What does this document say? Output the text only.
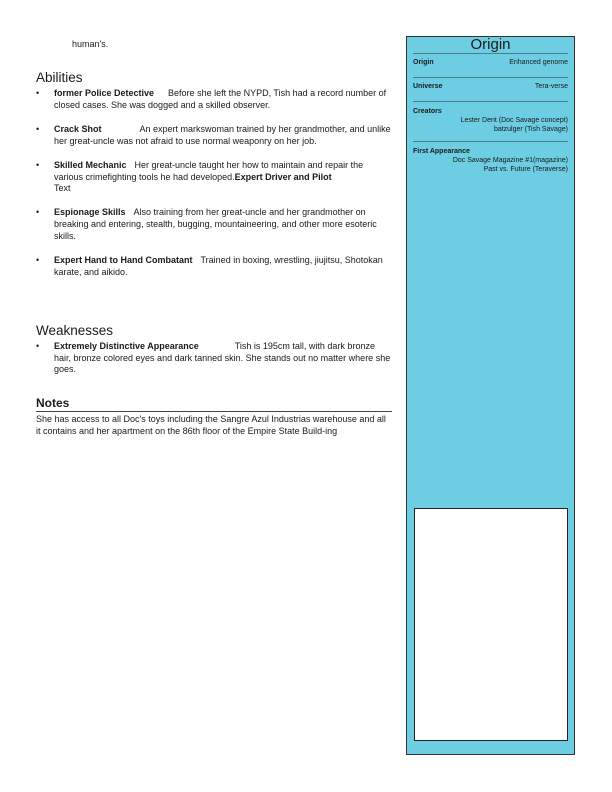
human's.
Abilities
• former Police Detective Before she left the NYPD, Tish had a record number of closed cases. She was dogged and a skilled observer.
• Crack Shot	An expert markswoman trained by her grandmother, and unlike her great-uncle was not afraid to use normal weaponry on her job.
• Skilled Mechanic Her great-uncle taught her how to maintain and repair the various crimefighting tools he had developed.Expert Driver and Pilot
Text
• Espionage Skills Also training from her great-uncle and her grandmother on breaking and entering, stealth, bugging, mountaineering, and other more esoteric skills.
• Expert Hand to Hand Combatant Trained in boxing, wrestling, jiujitsu, Shotokan karate, and aikido.
Weaknesses
• Extremely Distinctive Appearance	Tish is 195cm tall, with dark bronze hair, bronze colored eyes and dark tanned skin. She stands out no matter where she goes.
Notes
She has access to all Doc's toys including the Sangre Azul Industrias warehouse and all it contains and her apartment on the 86th floor of the Empire State Build-ing
Origin
Origin	Enhanced genome
Universe	Tera-verse
Creators
Lester Dent (Doc Savage concept)
batzulger (Tish Savage)
First Appearance
Doc Savage Magazine #1(magazine)
Past vs. Future (Teraverse)
